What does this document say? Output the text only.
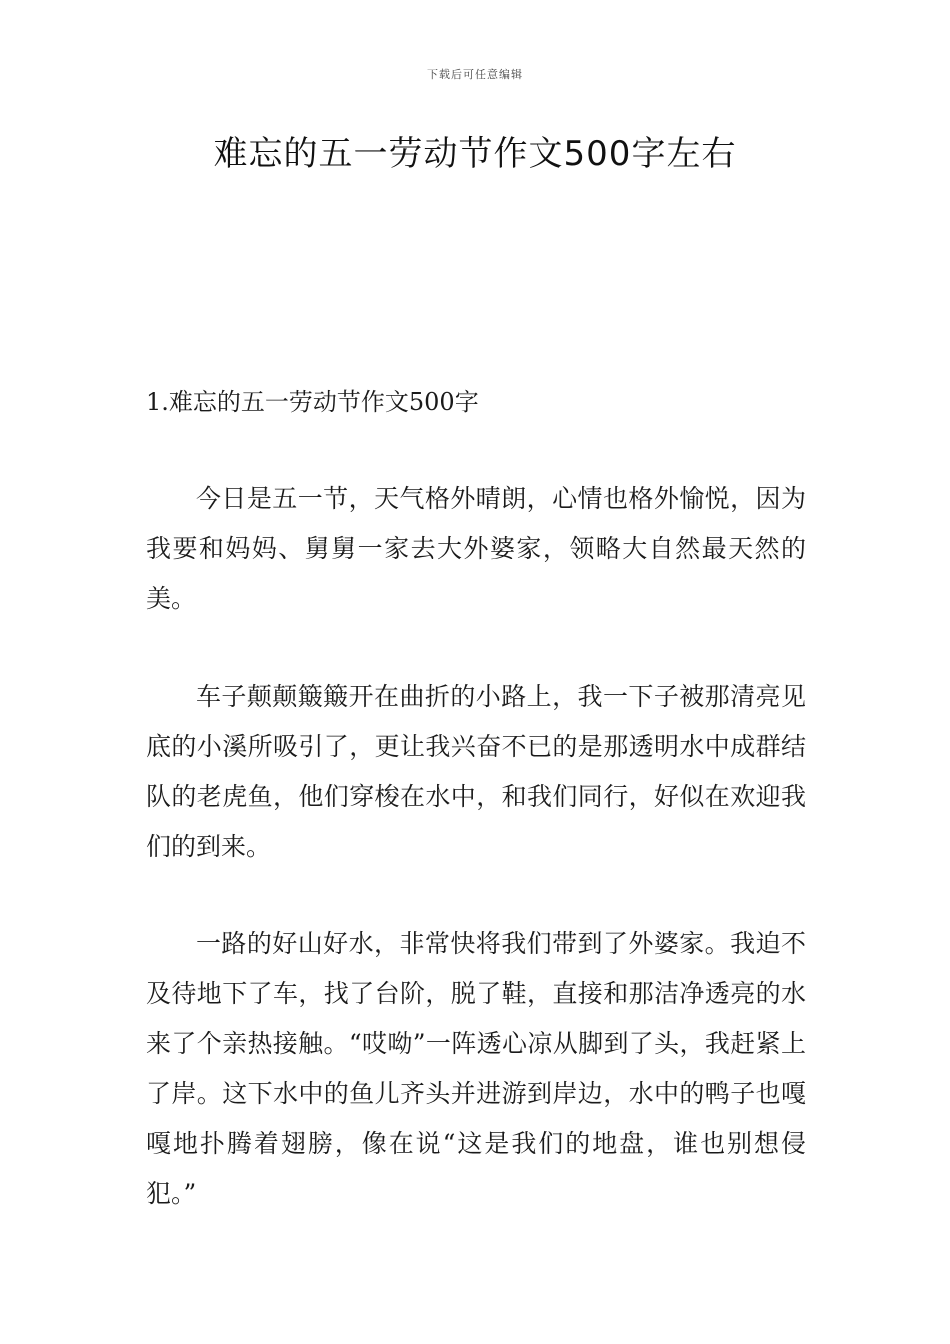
下载后可任意编辑
难忘的五一劳动节作文500字左右
1.难忘的五一劳动节作文500字

今日是五一节，天气格外晴朗，心情也格外愉悦，因为我要和妈妈、舅舅一家去大外婆家，领略大自然最天然的美。

车子颠颠簸簸开在曲折的小路上，我一下子被那清亮见底的小溪所吸引了，更让我兴奋不已的是那透明水中成群结队的老虎鱼，他们穿梭在水中，和我们同行，好似在欢迎我们的到来。

一路的好山好水，非常快将我们带到了外婆家。我迫不及待地下了车，找了台阶，脱了鞋，直接和那洁净透亮的水来了个亲热接触。“哎呦”一阵透心凉从脚到了头，我赶紧上了岸。这下水中的鱼儿齐头并进游到岸边，水中的鸭子也嘎嘎地扑腾着翅膀，像在说“这是我们的地盘，谁也别想侵犯。”
